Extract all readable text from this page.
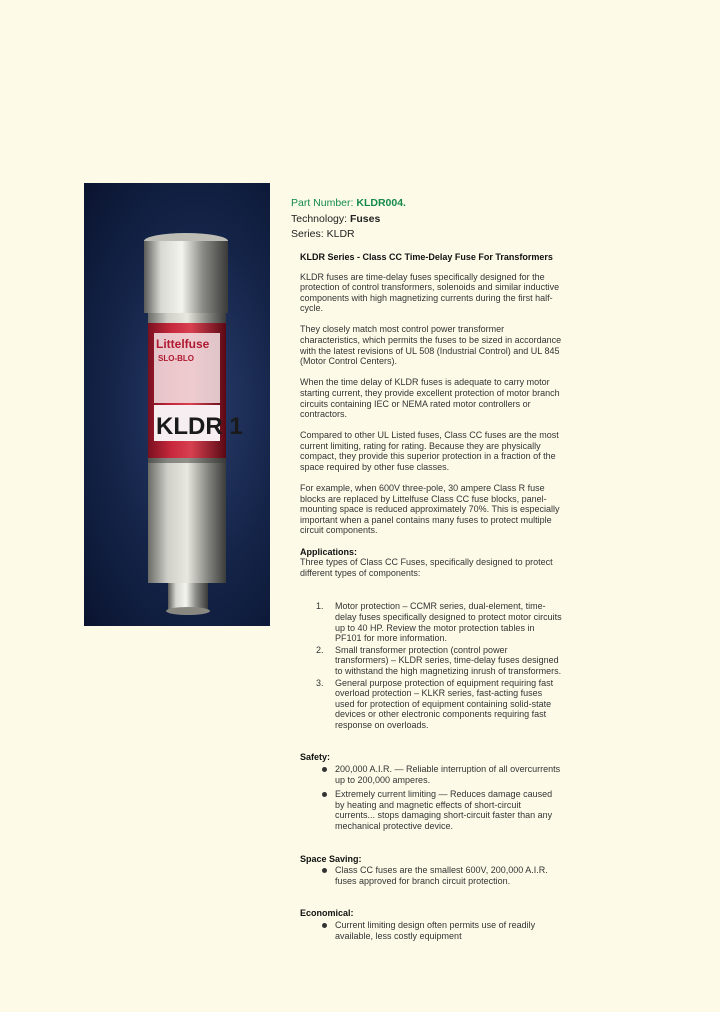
Littelfuse
SLO-BLO
KLDR 1
Part Number: KLDR004.
Technology: Fuses
Series: KLDR
KLDR Series - Class CC Time-Delay Fuse For Transformers

KLDR fuses are time-delay fuses specifically designed for the protection of control transformers, solenoids and similar inductive components with high magnetizing currents during the first half-cycle.

They closely match most control power transformer characteristics, which permits the fuses to be sized in accordance with the latest revisions of UL 508 (Industrial Control) and UL 845 (Motor Control Centers).

When the time delay of KLDR fuses is adequate to carry motor starting current, they provide excellent protection of motor branch circuits containing IEC or NEMA rated motor controllers or contractors.

Compared to other UL Listed fuses, Class CC fuses are the most current limiting, rating for rating. Because they are physically compact, they provide this superior protection in a fraction of the space required by other fuse classes.

For example, when 600V three-pole, 30 ampere Class R fuse blocks are replaced by Littelfuse Class CC fuse blocks, panel-mounting space is reduced approximately 70%. This is especially important when a panel contains many fuses to protect multiple circuit components.

Applications:
Three types of Class CC Fuses, specifically designed to protect different types of components:
1. Motor protection – CCMR series, dual-element, time-delay fuses specifically designed to protect motor circuits up to 40 HP. Review the motor protection tables in PF101 for more information.
2. Small transformer protection (control power transformers) – KLDR series, time-delay fuses designed to withstand the high magnetizing inrush of transformers.
3. General purpose protection of equipment requiring fast overload protection – KLKR series, fast-acting fuses used for protection of equipment containing solid-state devices or other electronic components requiring fast response on overloads.
Safety:
200,000 A.I.R. — Reliable interruption of all overcurrents up to 200,000 amperes.
Extremely current limiting — Reduces damage caused by heating and magnetic effects of short-circuit currents... stops damaging short-circuit faster than any mechanical protective device.
Space Saving:
Class CC fuses are the smallest 600V, 200,000 A.I.R. fuses approved for branch circuit protection.
Economical:
Current limiting design often permits use of readily available, less costly equipment
